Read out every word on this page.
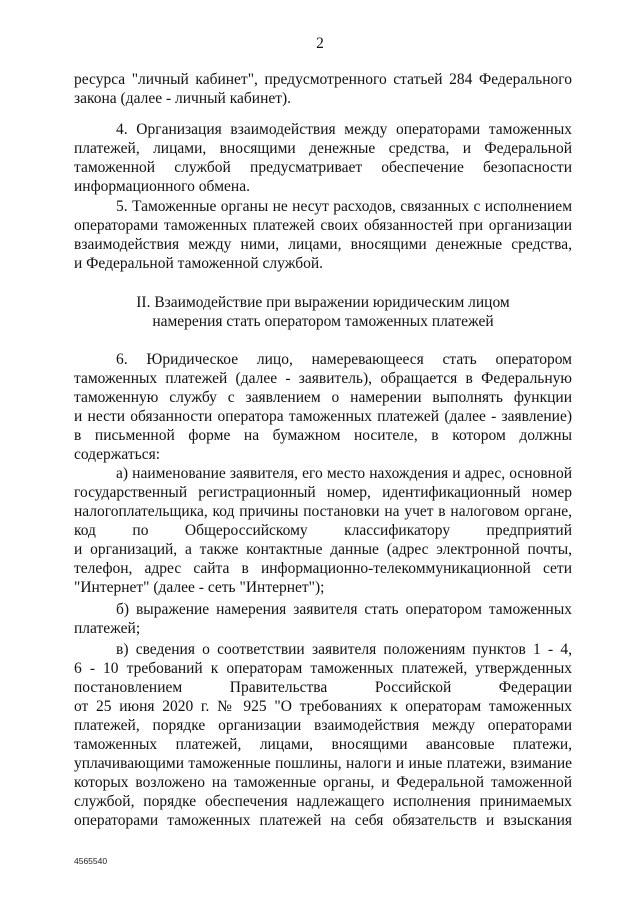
2
ресурса "личный кабинет", предусмотренного статьей 284 Федерального
закона (далее - личный кабинет).
4. Организация взаимодействия между операторами таможенных
платежей, лицами, вносящими денежные средства, и Федеральной
таможенной службой предусматривает обеспечение безопасности
информационного обмена.
5. Таможенные органы не несут расходов, связанных с исполнением
операторами таможенных платежей своих обязанностей при организации
взаимодействия между ними, лицами, вносящими денежные средства,
и Федеральной таможенной службой.
II. Взаимодействие при выражении юридическим лицом
намерения стать оператором таможенных платежей
6. Юридическое лицо, намеревающееся стать оператором
таможенных платежей (далее - заявитель), обращается в Федеральную
таможенную службу с заявлением о намерении выполнять функции
и нести обязанности оператора таможенных платежей (далее - заявление)
в письменной форме на бумажном носителе, в котором должны
содержаться:
а) наименование заявителя, его место нахождения и адрес, основной
государственный регистрационный номер, идентификационный номер
налогоплательщика, код причины постановки на учет в налоговом органе,
код по Общероссийскому классификатору предприятий
и организаций, а также контактные данные (адрес электронной почты,
телефон, адрес сайта в информационно-телекоммуникационной сети
"Интернет" (далее - сеть "Интернет");
б) выражение намерения заявителя стать оператором таможенных
платежей;
в) сведения о соответствии заявителя положениям пунктов 1 - 4,
6 - 10 требований к операторам таможенных платежей, утвержденных
постановлением Правительства Российской Федерации
от 25 июня 2020 г. № 925 "О требованиях к операторам таможенных
платежей, порядке организации взаимодействия между операторами
таможенных платежей, лицами, вносящими авансовые платежи,
уплачивающими таможенные пошлины, налоги и иные платежи, взимание
которых возложено на таможенные органы, и Федеральной таможенной
службой, порядке обеспечения надлежащего исполнения принимаемых
операторами таможенных платежей на себя обязательств и взыскания
4565540
